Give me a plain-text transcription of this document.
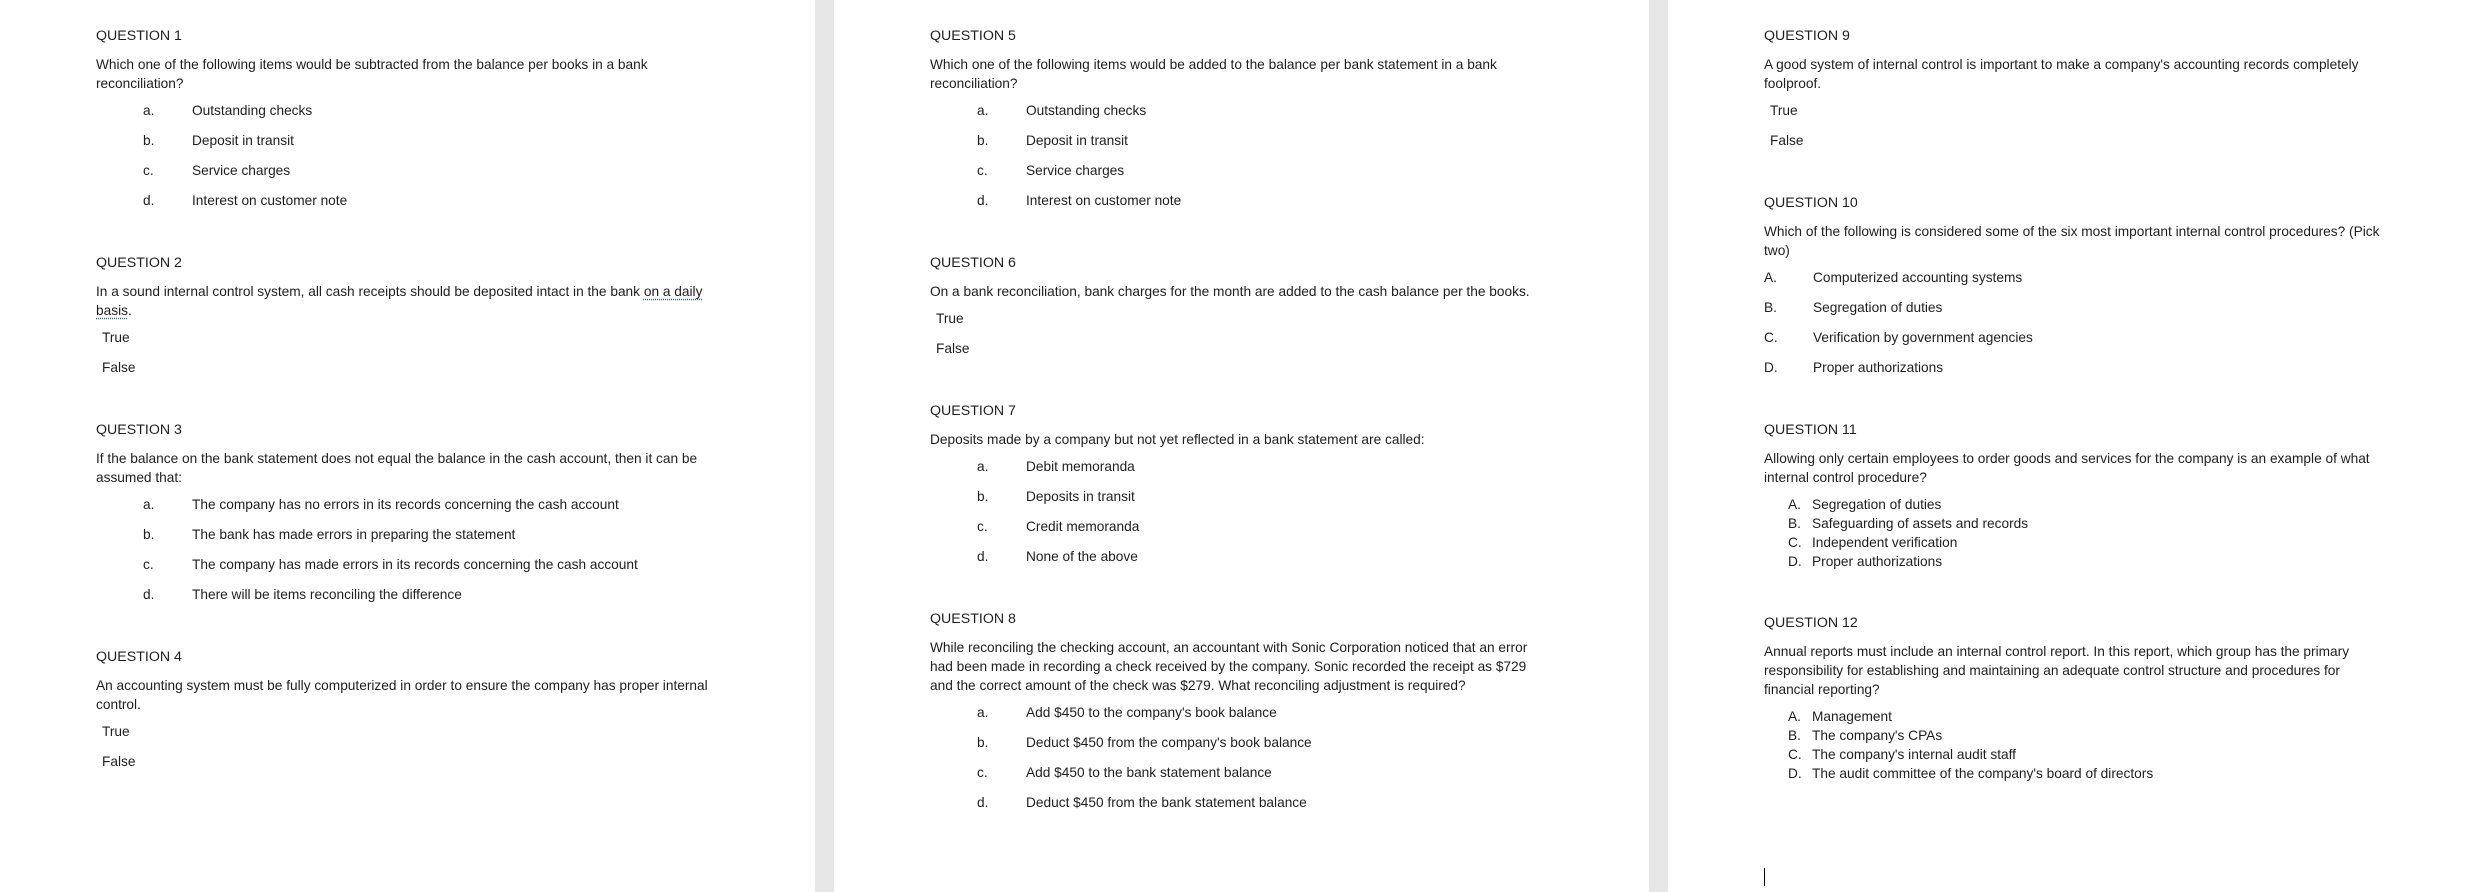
QUESTION 1
Which one of the following items would be subtracted from the balance per books in a bank reconciliation?
a.	Outstanding checks
b.	Deposit in transit
c.	Service charges
d.	Interest on customer note
QUESTION 2
In a sound internal control system, all cash receipts should be deposited intact in the bank on a daily basis.
True
False
QUESTION 3
If the balance on the bank statement does not equal the balance in the cash account, then it can be assumed that:
a.	The company has no errors in its records concerning the cash account
b.	The bank has made errors in preparing the statement
c.	The company has made errors in its records concerning the cash account
d.	There will be items reconciling the difference
QUESTION 4
An accounting system must be fully computerized in order to ensure the company has proper internal control.
True
False
QUESTION 5
Which one of the following items would be added to the balance per bank statement in a bank reconciliation?
a.	Outstanding checks
b.	Deposit in transit
c.	Service charges
d.	Interest on customer note
QUESTION 6
On a bank reconciliation, bank charges for the month are added to the cash balance per the books.
True
False
QUESTION 7
Deposits made by a company but not yet reflected in a bank statement are called:
a.	Debit memoranda
b.	Deposits in transit
c.	Credit memoranda
d.	None of the above
QUESTION 8
While reconciling the checking account, an accountant with Sonic Corporation noticed that an error had been made in recording a check received by the company. Sonic recorded the receipt as $729 and the correct amount of the check was $279. What reconciling adjustment is required?
a.	Add $450 to the company's book balance
b.	Deduct $450 from the company's book balance
c.	Add $450 to the bank statement balance
d.	Deduct $450 from the bank statement balance
QUESTION 9
A good system of internal control is important to make a company's accounting records completely foolproof.
True
False
QUESTION 10
Which of the following is considered some of the six most important internal control procedures? (Pick two)
A.	Computerized accounting systems
B.	Segregation of duties
C.	Verification by government agencies
D.	Proper authorizations
QUESTION 11
Allowing only certain employees to order goods and services for the company is an example of what internal control procedure?
A. Segregation of duties
B. Safeguarding of assets and records
C. Independent verification
D. Proper authorizations
QUESTION 12
Annual reports must include an internal control report. In this report, which group has the primary responsibility for establishing and maintaining an adequate control structure and procedures for financial reporting?
A. Management
B. The company's CPAs
C. The company's internal audit staff
D. The audit committee of the company's board of directors
